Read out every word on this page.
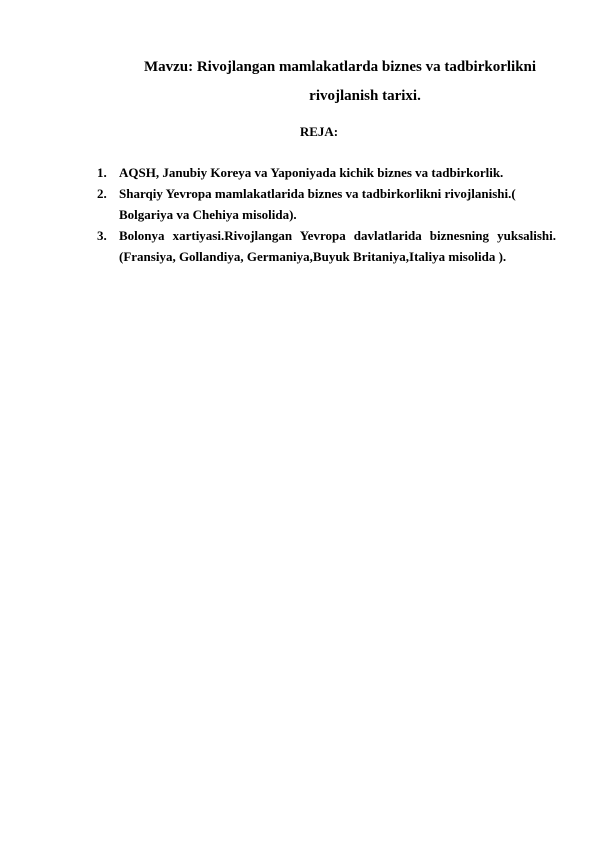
Mavzu: Rivojlangan mamlakatlarda biznes va tadbirkorlikni
rivojlanish tarixi.
REJA:
1. AQSH, Janubiy Koreya va Yaponiyada kichik biznes va tadbirkorlik.
2. Sharqiy Yevropa mamlakatlarida biznes va tadbirkorlikni rivojlanishi.( Bolgariya va Chehiya misolida).
3. Bolonya xartiyasi.Rivojlangan Yevropa davlatlarida biznesning yuksalishi.(Fransiya, Gollandiya, Germaniya,Buyuk Britaniya,Italiya misolida ).
